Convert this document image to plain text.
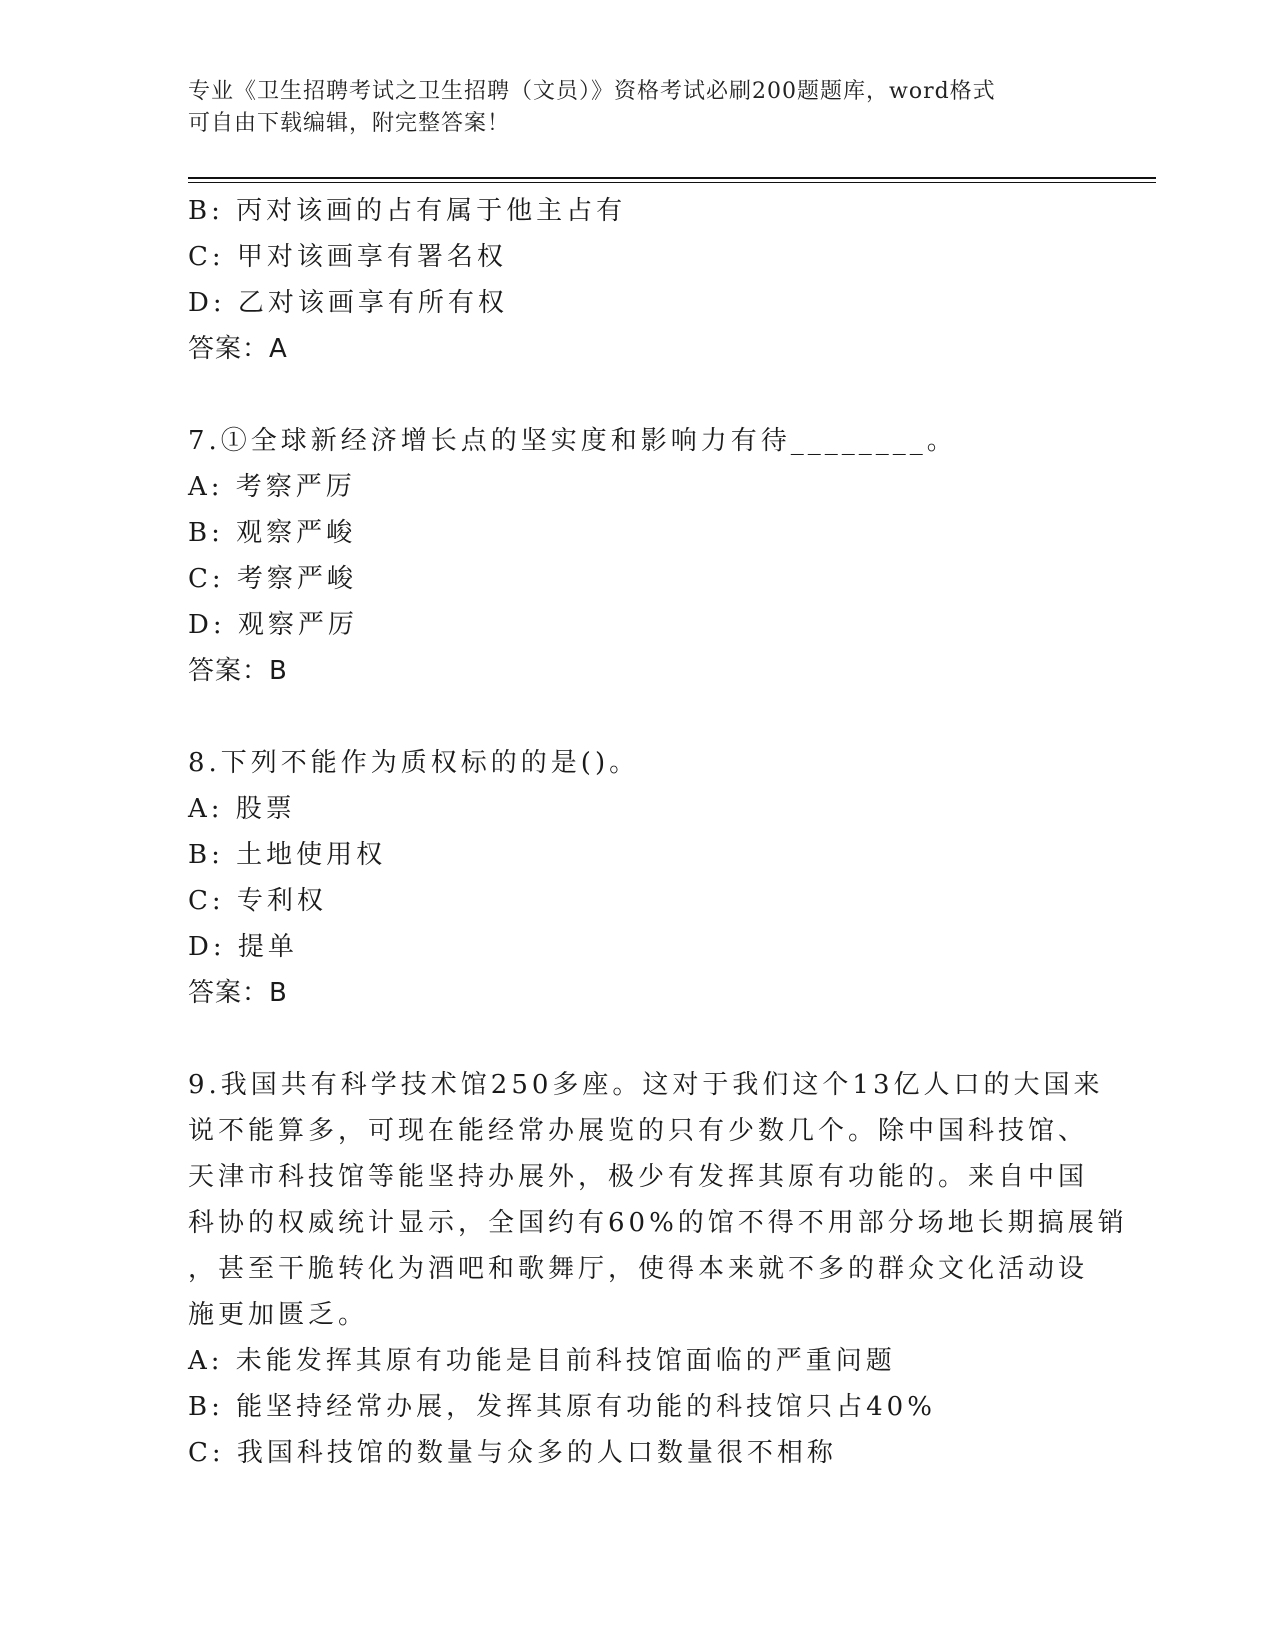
专业《卫生招聘考试之卫生招聘（文员）》资格考试必刷200题题库，word格式
可自由下载编辑，附完整答案！
B: 丙对该画的占有属于他主占有
C: 甲对该画享有署名权
D: 乙对该画享有所有权
答案：A
7.①全球新经济增长点的坚实度和影响力有待________。
A: 考察严厉
B: 观察严峻
C: 考察严峻
D: 观察严厉
答案：B
8.下列不能作为质权标的的是()。
A: 股票
B: 土地使用权
C: 专利权
D: 提单
答案：B
9.我国共有科学技术馆250多座。这对于我们这个13亿人口的大国来
说不能算多，可现在能经常办展览的只有少数几个。除中国科技馆、
天津市科技馆等能坚持办展外，极少有发挥其原有功能的。来自中国
科协的权威统计显示，全国约有60%的馆不得不用部分场地长期搞展销
，甚至干脆转化为酒吧和歌舞厅，使得本来就不多的群众文化活动设
施更加匮乏。
A: 未能发挥其原有功能是目前科技馆面临的严重问题
B: 能坚持经常办展，发挥其原有功能的科技馆只占40%
C: 我国科技馆的数量与众多的人口数量很不相称
